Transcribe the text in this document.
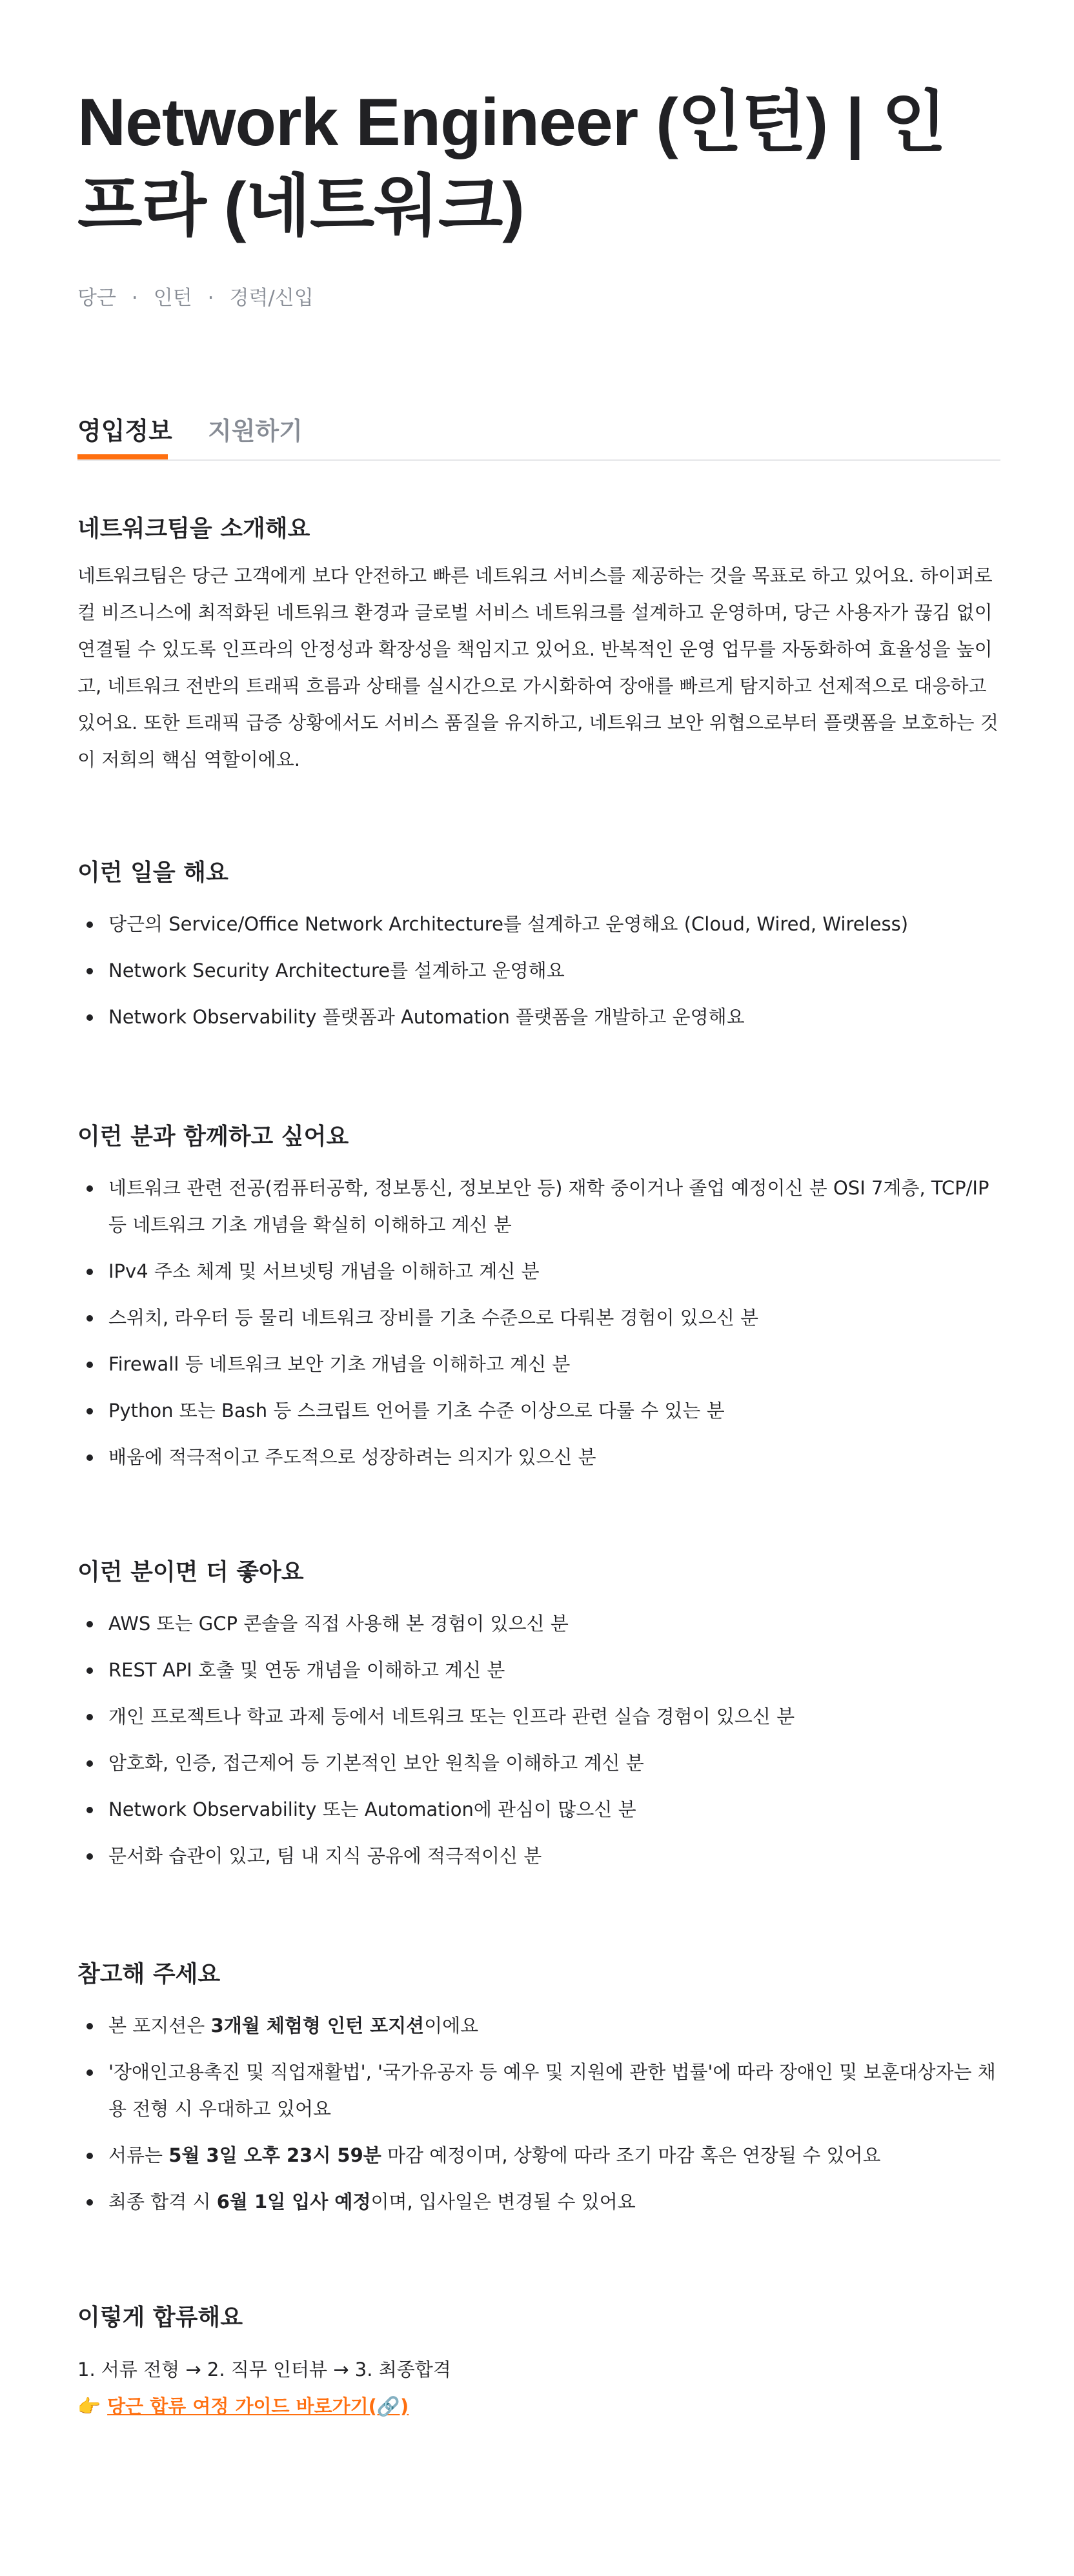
Network Engineer (인턴) | 인프라 (네트워크)
당근 · 인턴 · 경력/신입
영입정보 지원하기
네트워크팀을 소개해요

네트워크팀은 당근 고객에게 보다 안전하고 빠른 네트워크 서비스를 제공하는 것을 목표로 하고 있어요. 하이퍼로컬 비즈니스에 최적화된 네트워크 환경과 글로벌 서비스 네트워크를 설계하고 운영하며, 당근 사용자가 끊김 없이 연결될 수 있도록 인프라의 안정성과 확장성을 책임지고 있어요. 반복적인 운영 업무를 자동화하여 효율성을 높이고, 네트워크 전반의 트래픽 흐름과 상태를 실시간으로 가시화하여 장애를 빠르게 탐지하고 선제적으로 대응하고 있어요. 또한 트래픽 급증 상황에서도 서비스 품질을 유지하고, 네트워크 보안 위협으로부터 플랫폼을 보호하는 것이 저희의 핵심 역할이에요.

이런 일을 해요
당근의 Service/Office Network Architecture를 설계하고 운영해요 (Cloud, Wired, Wireless)
Network Security Architecture를 설계하고 운영해요
Network Observability 플랫폼과 Automation 플랫폼을 개발하고 운영해요
이런 분과 함께하고 싶어요
네트워크 관련 전공(컴퓨터공학, 정보통신, 정보보안 등) 재학 중이거나 졸업 예정이신 분 OSI 7계층, TCP/IP 등 네트워크 기초 개념을 확실히 이해하고 계신 분
IPv4 주소 체계 및 서브넷팅 개념을 이해하고 계신 분
스위치, 라우터 등 물리 네트워크 장비를 기초 수준으로 다뤄본 경험이 있으신 분
Firewall 등 네트워크 보안 기초 개념을 이해하고 계신 분
Python 또는 Bash 등 스크립트 언어를 기초 수준 이상으로 다룰 수 있는 분
배움에 적극적이고 주도적으로 성장하려는 의지가 있으신 분
이런 분이면 더 좋아요
AWS 또는 GCP 콘솔을 직접 사용해 본 경험이 있으신 분
REST API 호출 및 연동 개념을 이해하고 계신 분
개인 프로젝트나 학교 과제 등에서 네트워크 또는 인프라 관련 실습 경험이 있으신 분
암호화, 인증, 접근제어 등 기본적인 보안 원칙을 이해하고 계신 분
Network Observability 또는 Automation에 관심이 많으신 분
문서화 습관이 있고, 팀 내 지식 공유에 적극적이신 분
참고해 주세요
본 포지션은 3개월 체험형 인턴 포지션이에요
'장애인고용촉진 및 직업재활법', '국가유공자 등 예우 및 지원에 관한 법률'에 따라 장애인 및 보훈대상자는 채용 전형 시 우대하고 있어요
서류는 5월 3일 오후 23시 59분 마감 예정이며, 상황에 따라 조기 마감 혹은 연장될 수 있어요
최종 합격 시 6월 1일 입사 예정이며, 입사일은 변경될 수 있어요
이렇게 합류해요
1. 서류 전형 → 2. 직무 인터뷰 → 3. 최종합격
👉 당근 합류 여정 가이드 바로가기(🔗)
